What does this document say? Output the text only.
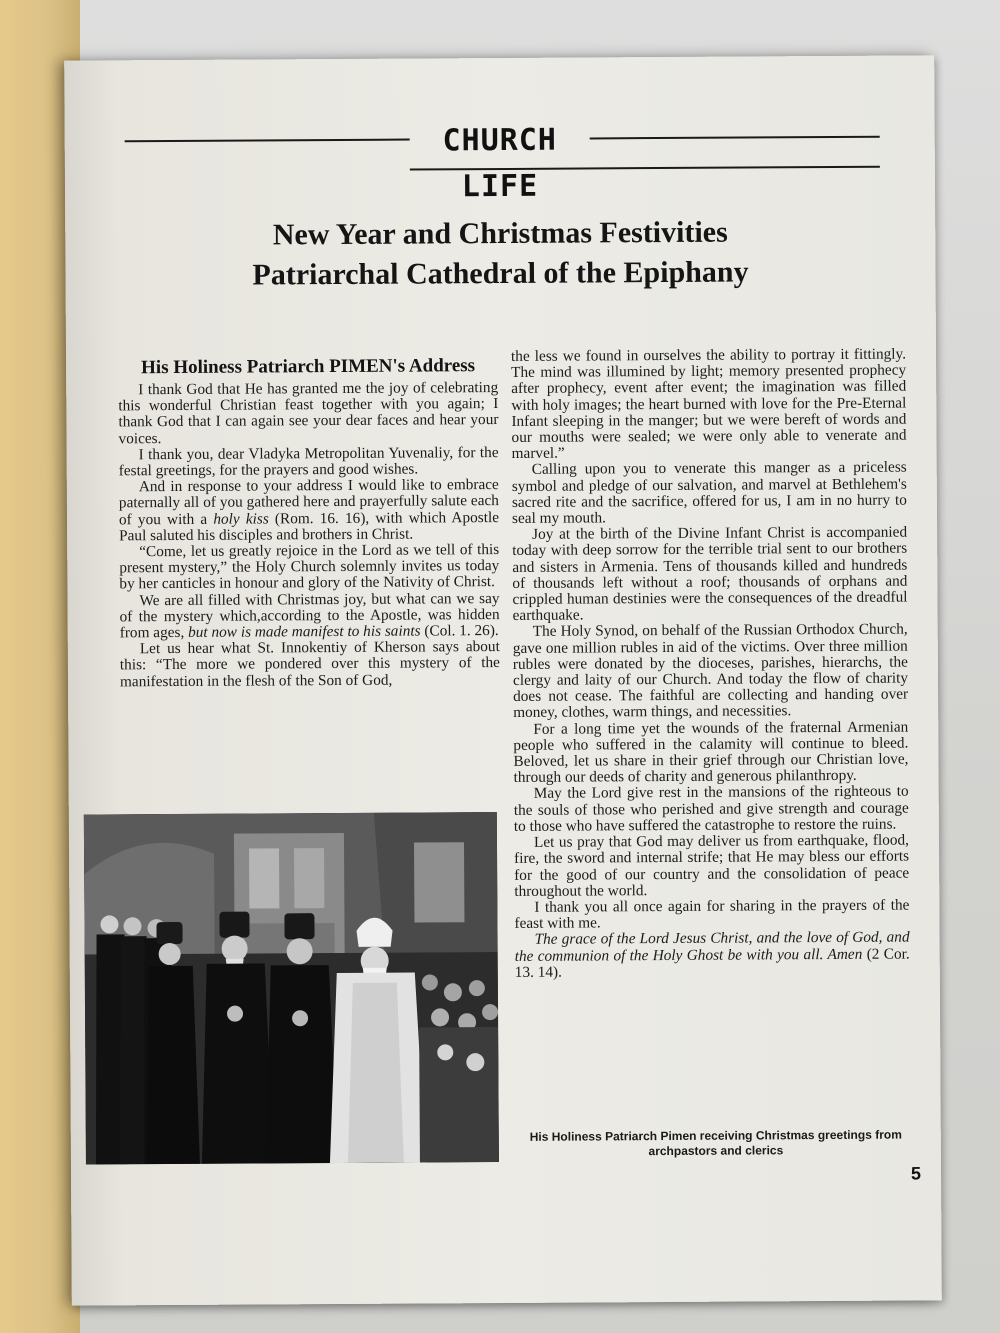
CHURCH LIFE
New Year and Christmas Festivities
Patriarchal Cathedral of the Epiphany
His Holiness Patriarch PIMEN's Address

I thank God that He has granted me the joy of celebrating this wonderful Christian feast together with you again; I thank God that I can again see your dear faces and hear your voices.

I thank you, dear Vladyka Metropolitan Yuvenaliy, for the festal greetings, for the prayers and good wishes.

And in response to your address I would like to embrace paternally all of you gathered here and prayerfully salute each of you with a holy kiss (Rom. 16. 16), with which Apostle Paul saluted his disciples and brothers in Christ.

“Come, let us greatly rejoice in the Lord as we tell of this present mystery,” the Holy Church solemnly invites us today by her canticles in honour and glory of the Nativity of Christ.

We are all filled with Christmas joy, but what can we say of the mystery which,according to the Apostle, was hidden from ages, but now is made manifest to his saints (Col. 1. 26).

Let us hear what St. Innokentiy of Kherson says about this: “The more we pondered over this mystery of the manifestation in the flesh of the Son of God,

the less we found in ourselves the ability to portray it fittingly. The mind was illumined by light; memory presented prophecy after prophecy, event after event; the imagination was filled with holy images; the heart burned with love for the Pre-Eternal Infant sleeping in the manger; but we were bereft of words and our mouths were sealed; we were only able to venerate and marvel.”

Calling upon you to venerate this manger as a priceless symbol and pledge of our salvation, and marvel at Bethlehem's sacred rite and the sacrifice, offered for us, I am in no hurry to seal my mouth.

Joy at the birth of the Divine Infant Christ is accompanied today with deep sorrow for the terrible trial sent to our brothers and sisters in Armenia. Tens of thousands killed and hundreds of thousands left without a roof; thousands of orphans and crippled human destinies were the consequences of the dreadful earthquake.

The Holy Synod, on behalf of the Russian Orthodox Church, gave one million rubles in aid of the victims. Over three million rubles were donated by the dioceses, parishes, hierarchs, the clergy and laity of our Church. And today the flow of charity does not cease. The faithful are collecting and handing over money, clothes, warm things, and necessities.

For a long time yet the wounds of the fraternal Armenian people who suffered in the calamity will continue to bleed. Beloved, let us share in their grief through our Christian love, through our deeds of charity and generous philanthropy.

May the Lord give rest in the mansions of the righteous to the souls of those who perished and give strength and courage to those who have suffered the catastrophe to restore the ruins.

Let us pray that God may deliver us from earthquake, flood, fire, the sword and internal strife; that He may bless our efforts for the good of our country and the consolidation of peace throughout the world.

I thank you all once again for sharing in the prayers of the feast with me.

The grace of the Lord Jesus Christ, and the love of God, and the communion of the Holy Ghost be with you all. Amen (2 Cor. 13. 14).

His Holiness Patriarch Pimen receiving Christmas greetings from archpastors and clerics
5
